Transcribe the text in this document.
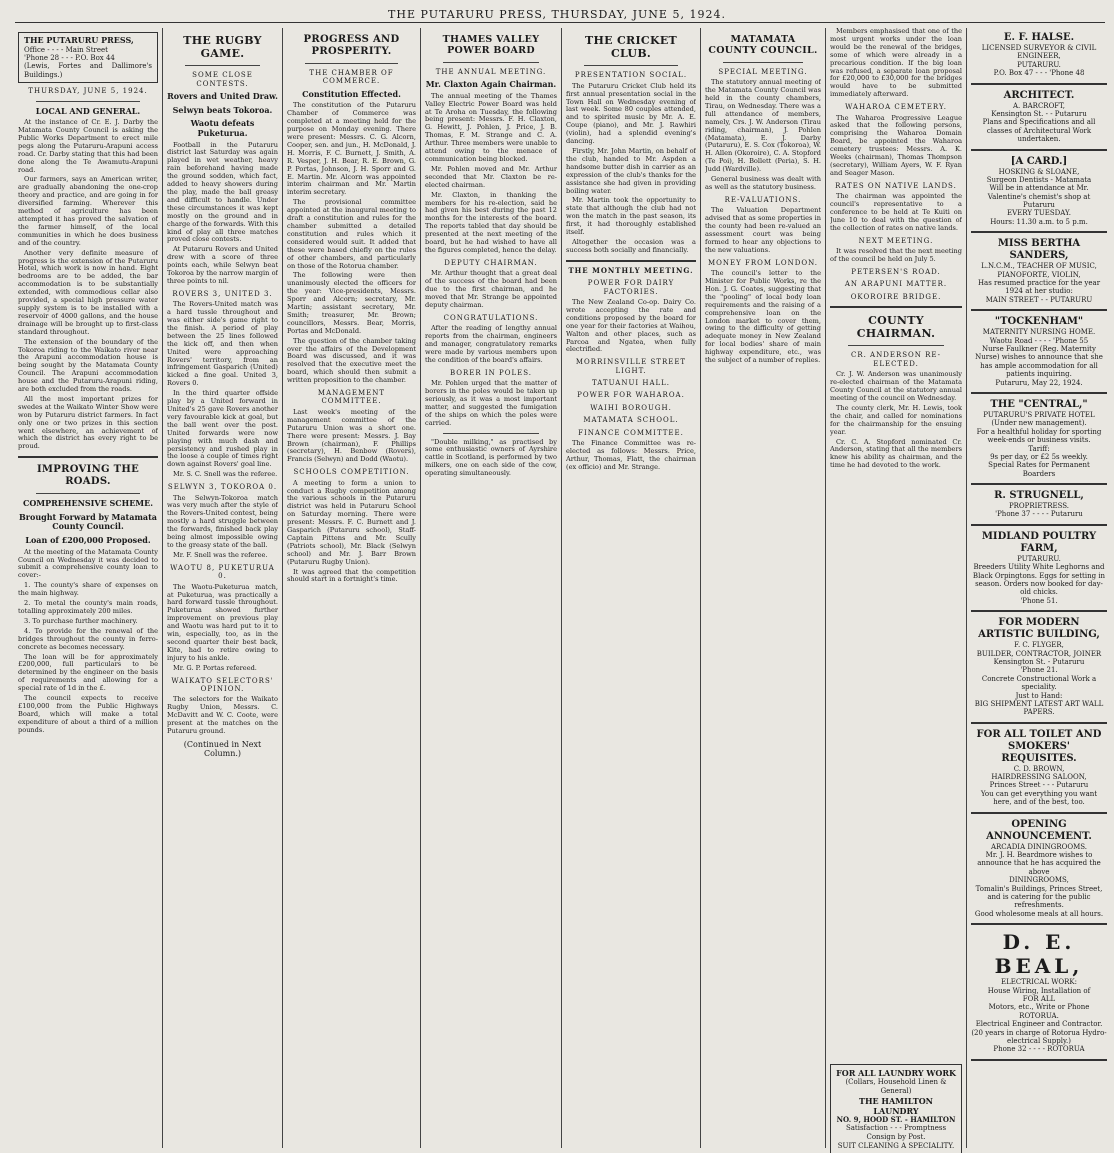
THE PUTARURU PRESS, THURSDAY, JUNE 5, 1924.
THE PUTARURU PRESS,
Office - - - - Main Street
'Phone 28 - - - P.O. Box 44
(Lewis, Fortes and Dallimore's Buildings.)
THURSDAY, JUNE 5, 1924.
LOCAL AND GENERAL.

At the instance of Cr. E. J. Darby the Matamata County Council is asking the Public Works Department to erect mile pegs along the Putaruru-Arapuni access road. Cr. Darby stating that this had been done along the Te Awamutu-Arapuni road.

Our farmers, says an American writer, are gradually abandoning the one-crop theory and practice, and are going in for diversified farming. Wherever this method of agriculture has been attempted it has proved the salvation of the farmer himself, of the local communities in which he does business and of the country.

Another very definite measure of progress is the extension of the Putaruru Hotel, which work is now in hand. Eight bedrooms are to be added, the bar accommodation is to be substantially extended, with commodious cellar also provided, a special high pressure water supply system is to be installed with a reservoir of 4000 gallons, and the house drainage will be brought up to first-class standard throughout.

The extension of the boundary of the Tokoroa riding to the Waikato river near the Arapuni accommodation house is being sought by the Matamata County Council. The Arapuni accommodation house and the Putaruru-Arapuni riding, are both excluded from the roads.

All the most important prizes for swedes at the Waikato Winter Show were won by Putaruru district farmers. In fact only one or two prizes in this section went elsewhere, an achievement of which the district has every right to be proud.

IMPROVING THE ROADS.
COMPREHENSIVE SCHEME.
Brought Forward by Matamata County Council.
Loan of £200,000 Proposed.

At the meeting of the Matamata County Council on Wednesday it was decided to submit a comprehensive county loan to cover:-

1. The county's share of expenses on the main highway.

2. To metal the county's main roads, totalling approximately 200 miles.

3. To purchase further machinery.

4. To provide for the renewal of the bridges throughout the county in ferro-concrete as becomes necessary.

The loan will be for approximately £200,000, full particulars to be determined by the engineer on the basis of requirements and allowing for a special rate of 1d in the £.

The council expects to receive £100,000 from the Public Highways Board, which will make a total expenditure of about a third of a million pounds.

THE RUGBY GAME.
SOME CLOSE CONTESTS.
Rovers and United Draw.
Selwyn beats Tokoroa.
Waotu defeats Puketurua.

Football in the Putaruru district last Saturday was again played in wet weather, heavy rain beforehand having made the ground sodden, which fact, added to heavy showers during the play, made the ball greasy and difficult to handle. Under these circumstances it was kept mostly on the ground and in charge of the forwards. With this kind of play all three matches proved close contests.

At Putaruru Rovers and United drew with a score of three points each, while Selwyn beat Tokoroa by the narrow margin of three points to nil.

ROVERS 3, UNITED 3.

The Rovers-United match was a hard tussle throughout and was either side's game right to the finish. A period of play between the 25 lines followed the kick off, and then when United were approaching Rovers' territory, from an infringement Gasparich (United) kicked a fine goal. United 3, Rovers 0.

In the third quarter offside play by a United forward in United's 25 gave Rovers another very favourable kick at goal, but the ball went over the post. United forwards were now playing with much dash and persistency and rushed play in the loose a couple of times right down against Rovers' goal line.

Mr. S. C. Snell was the referee.

SELWYN 3, TOKOROA 0.

The Selwyn-Tokoroa match was very much after the style of the Rovers-United contest, being mostly a hard struggle between the forwards, finished back play being almost impossible owing to the greasy state of the ball.

Mr. F. Snell was the referee.

WAOTU 8, PUKETURUA 0.

The Waotu-Puketurua match, at Puketurua, was practically a hard forward tussle throughout. Puketurua showed further improvement on previous play and Waotu was hard put to it to win, especially, too, as in the second quarter their best back, Kite, had to retire owing to injury to his ankle.

Mr. G. P. Portas refereed.

WAIKATO SELECTORS' OPINION.

The selectors for the Waikato Rugby Union, Messrs. C. McDavitt and W. C. Coote, were present at the matches on the Putaruru ground.

(Continued in Next Column.)
PROGRESS AND PROSPERITY.
THE CHAMBER OF COMMERCE.
Constitution Effected.

The constitution of the Putaruru Chamber of Commerce was completed at a meeting held for the purpose on Monday evening. There were present: Messrs. C. G. Alcorn, Cooper, sen. and jun., H. McDonald, J. H. Morris, F. C. Burnett, J. Smith, A. R. Vesper, J. H. Bear, R. E. Brown, G. P. Portas, Johnson, J. H. Sporr and G. E. Martin. Mr. Alcorn was appointed interim chairman and Mr. Martin interim secretary.

The provisional committee appointed at the inaugural meeting to draft a constitution and rules for the chamber submitted a detailed constitution and rules which it considered would suit. It added that these were based chiefly on the rules of other chambers, and particularly on those of the Rotorua chamber.

The following were then unanimously elected the officers for the year: Vice-presidents, Messrs. Sporr and Alcorn; secretary, Mr. Martin; assistant secretary, Mr. Smith; treasurer, Mr. Brown; councillors, Messrs. Bear, Morris, Portas and McDonald.

The question of the chamber taking over the affairs of the Development Board was discussed, and it was resolved that the executive meet the board, which should then submit a written proposition to the chamber.

MANAGEMENT COMMITTEE.

Last week's meeting of the management committee of the Putaruru Union was a short one. There were present: Messrs. J. Bay Brown (chairman), F. Phillips (secretary), H. Benbow (Rovers), Francis (Selwyn) and Dodd (Waotu).

SCHOOLS COMPETITION.

A meeting to form a union to conduct a Rugby competition among the various schools in the Putaruru district was held in Putaruru School on Saturday morning. There were present: Messrs. F. C. Burnett and J. Gasparich (Putaruru school), Staff-Captain Pittens and Mr. Scully (Patriots school), Mr. Black (Selwyn school) and Mr. J. Barr Brown (Putaruru Rugby Union).

It was agreed that the competition should start in a fortnight's time.

THAMES VALLEY POWER BOARD
THE ANNUAL MEETING.
Mr. Claxton Again Chairman.

The annual meeting of the Thames Valley Electric Power Board was held at Te Aroha on Tuesday, the following being present: Messrs. F. H. Claxton, G. Hewitt, J. Pohlen, J. Price, J. B. Thomas, F. M. Strange and C. A. Arthur. Three members were unable to attend owing to the menace of communication being blocked.

Mr. Pohlen moved and Mr. Arthur seconded that Mr. Claxton be re-elected chairman.

Mr. Claxton, in thanking the members for his re-election, said he had given his best during the past 12 months for the interests of the board. The reports tabled that day should be presented at the next meeting of the board, but he had wished to have all the figures completed, hence the delay.

DEPUTY CHAIRMAN.

Mr. Arthur thought that a great deal of the success of the board had been due to the first chairman, and he moved that Mr. Strange be appointed deputy chairman.

CONGRATULATIONS.

After the reading of lengthy annual reports from the chairman, engineers and manager, congratulatory remarks were made by various members upon the condition of the board's affairs.

BORER IN POLES.

Mr. Pohlen urged that the matter of borers in the poles would be taken up seriously, as it was a most important matter, and suggested the fumigation of the ships on which the poles were carried.

"Double milking," as practised by some enthusiastic owners of Ayrshire cattle in Scotland, is performed by two milkers, one on each side of the cow, operating simultaneously.

THE CRICKET CLUB.
PRESENTATION SOCIAL.

The Putaruru Cricket Club held its first annual presentation social in the Town Hall on Wednesday evening of last week. Some 80 couples attended, and to spirited music by Mr. A. E. Coupe (piano), and Mr. J. Rawhiri (violin), had a splendid evening's dancing.

Firstly, Mr. John Martin, on behalf of the club, handed to Mr. Aspden a handsome butter dish in carrier as an expression of the club's thanks for the assistance she had given in providing boiling water.

Mr. Martin took the opportunity to state that although the club had not won the match in the past season, its first, it had thoroughly established itself.

Altogether the occasion was a success both socially and financially.

THE MONTHLY MEETING.
POWER FOR DAIRY FACTORIES.

The New Zealand Co-op. Dairy Co. wrote accepting the rate and conditions proposed by the board for one year for their factories at Waihou, Walton and other places, such as Parcoa and Ngatea, when fully electrified.

MORRINSVILLE STREET LIGHT.
TATUANUI HALL.
POWER FOR WAHAROA.
WAIHI BOROUGH.
MATAMATA SCHOOL.
FINANCE COMMITTEE.

The Finance Committee was re-elected as follows: Messrs. Price, Arthur, Thomas, Flatt, the chairman (ex officio) and Mr. Strange.

MATAMATA COUNTY COUNCIL.
SPECIAL MEETING.

The statutory annual meeting of the Matamata County Council was held in the county chambers, Tirau, on Wednesday. There was a full attendance of members, namely, Crs. J. W. Anderson (Tirau riding, chairman), J. Pohlen (Matamata), E. J. Darby (Putaruru), E. S. Cox (Tokoroa), W. H. Allen (Okoroire), C. A. Stopford (Te Poi), H. Bollett (Peria), S. H. Judd (Wardville).

General business was dealt with as well as the statutory business.

RE-VALUATIONS.

The Valuation Department advised that as some properties in the county had been re-valued an assessment court was being formed to hear any objections to the new valuations.

MONEY FROM LONDON.

The council's letter to the Minister for Public Works, re the Hon. J. G. Coates, suggesting that the "pooling" of local body loan requirements and the raising of a comprehensive loan on the London market to cover them, owing to the difficulty of getting adequate money in New Zealand for local bodies' share of main highway expenditure, etc., was the subject of a number of replies.

Members emphasised that one of the most urgent works under the loan would be the renewal of the bridges, some of which were already in a precarious condition. If the big loan was refused, a separate loan proposal for £20,000 to £30,000 for the bridges would have to be submitted immediately afterward.

WAHAROA CEMETERY.

The Waharoa Progressive League asked that the following persons, comprising the Waharoa Domain Board, be appointed the Waharoa cemetery trustees: Messrs. A. K. Weeks (chairman), Thomas Thompson (secretary), William Ayers, W. F. Ryan and Seager Mason.

RATES ON NATIVE LANDS.

The chairman was appointed the council's representative to a conference to be held at Te Kuiti on June 10 to deal with the question of the collection of rates on native lands.

NEXT MEETING.

It was resolved that the next meeting of the council be held on July 5.

PETERSEN'S ROAD.
AN ARAPUNI MATTER.
OKOROIRE BRIDGE.
COUNTY CHAIRMAN.
CR. ANDERSON RE-ELECTED.

Cr. J. W. Anderson was unanimously re-elected chairman of the Matamata County Council at the statutory annual meeting of the council on Wednesday.

The county clerk, Mr. H. Lewis, took the chair, and called for nominations for the chairmanship for the ensuing year.

Cr. C. A. Stopford nominated Cr. Anderson, stating that all the members knew his ability as chairman, and the time he had devoted to the work.

FOR ALL LAUNDRY WORK
(Collars, Household Linen & General)
THE HAMILTON LAUNDRY
NO. 9, HOOD ST. - HAMILTON
Satisfaction - - - Promptness
Consign by Post.
SUIT CLEANING A SPECIALITY.
E. F. HALSE.
LICENSED SURVEYOR & CIVIL ENGINEER,
PUTARURU.
P.O. Box 47 - - - 'Phone 48
ARCHITECT.
A. BARCROFT,
Kensington St. - - Putaruru
Plans and Specifications and all classes of Architectural Work undertaken.
[A CARD.]
HOSKING & SLOANE,
Surgeon Dentists - Matamata
Will be in attendance at Mr. Valentine's chemist's shop at Putaruru
EVERY TUESDAY.
Hours: 11.30 a.m. to 5 p.m.
MISS BERTHA SANDERS,
L.N.C.M., TEACHER OF MUSIC, PIANOFORTE, VIOLIN,
Has resumed practice for the year 1924 at her studio:
MAIN STREET - - PUTARURU
"TOCKENHAM"
MATERNITY NURSING HOME.
Waotu Road - - - - 'Phone 55
Nurse Faulkner (Reg. Maternity Nurse) wishes to announce that she has ample accommodation for all patients inquiring.
Putaruru, May 22, 1924.
THE "CENTRAL,"
PUTARURU'S PRIVATE HOTEL
(Under new management).
For a healthful holiday for sporting week-ends or business visits.
Tariff:
9s per day, or £2 5s weekly.
Special Rates for Permanent Boarders
R. STRUGNELL,
PROPRIETRESS.
'Phone 37 - - - - Putaruru
MIDLAND POULTRY FARM,
PUTARURU.
Breeders Utility White Leghorns and Black Orpingtons. Eggs for setting in season. Orders now booked for day-old chicks.
'Phone 51.
FOR MODERN ARTISTIC BUILDING,
F. C. FLYGER,
BUILDER, CONTRACTOR, JOINER
Kensington St. - Putaruru
'Phone 21.
Concrete Constructional Work a speciality.
Just to Hand:
BIG SHIPMENT LATEST ART WALL PAPERS.
FOR ALL TOILET AND SMOKERS' REQUISITES.
C. D. BROWN,
HAIRDRESSING SALOON,
Princes Street - - - Putaruru
You can get everything you want here, and of the best, too.
OPENING ANNOUNCEMENT.
ARCADIA DININGROOMS.
Mr. J. H. Beardmore wishes to announce that he has acquired the above
DININGROOMS,
Tomalin's Buildings, Princes Street, and is catering for the public refreshments.
Good wholesome meals at all hours.
D. E. BEAL,
ELECTRICAL WORK:
House Wiring, Installation of
FOR ALL
Motors, etc., Write or Phone
ROTORUA.
Electrical Engineer and Contractor.
(20 years in charge of Rotorua Hydro-electrical Supply.)
Phone 32 - - - - ROTORUA
